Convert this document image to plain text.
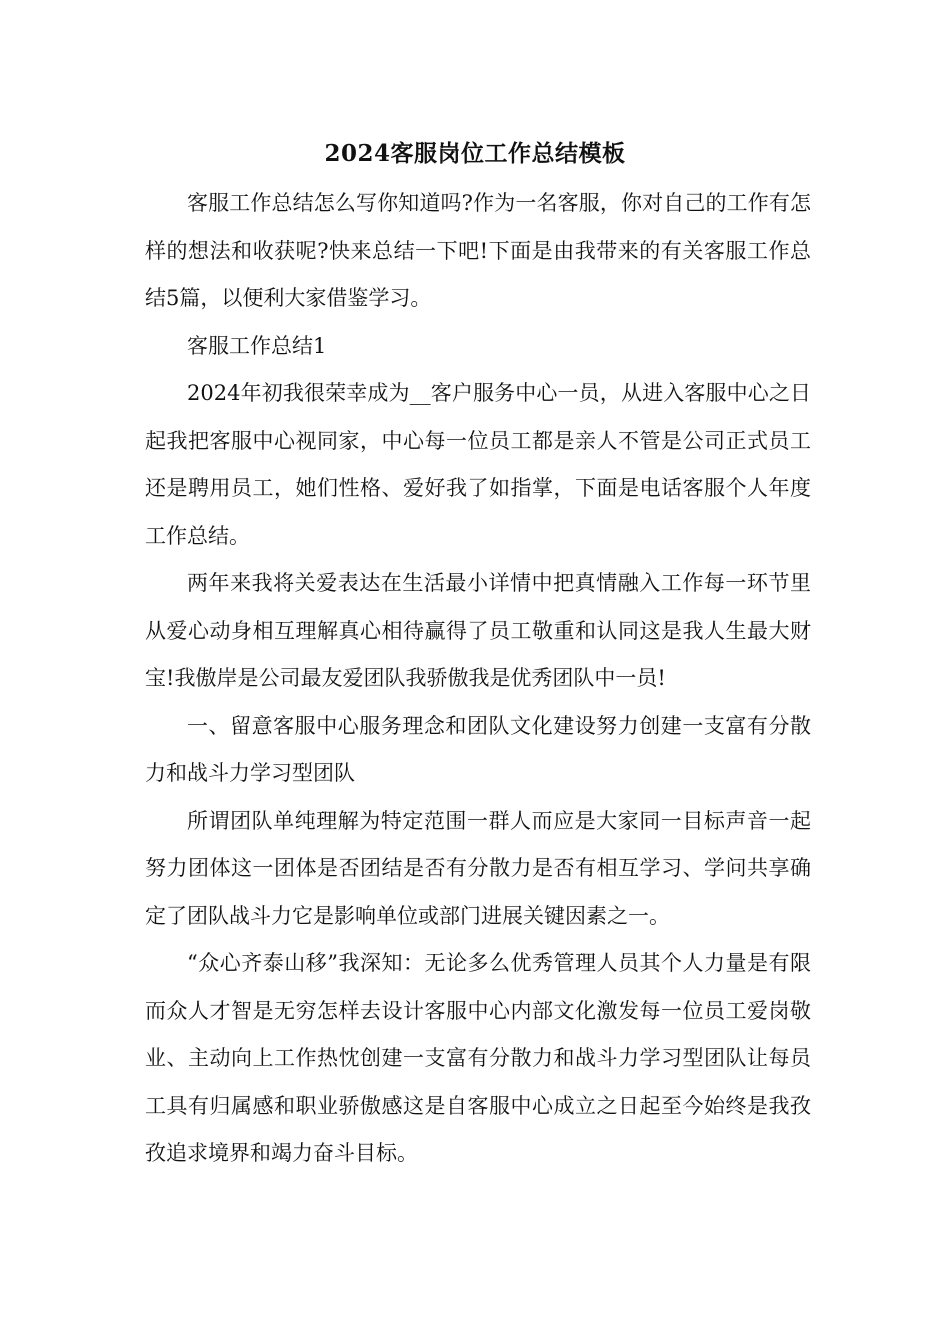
2024客服岗位工作总结模板

客服工作总结怎么写你知道吗?作为一名客服，你对自己的工作有怎样的想法和收获呢?快来总结一下吧!下面是由我带来的有关客服工作总结5篇，以便利大家借鉴学习。

客服工作总结1

2024年初我很荣幸成为__客户服务中心一员，从进入客服中心之日起我把客服中心视同家，中心每一位员工都是亲人不管是公司正式员工还是聘用员工，她们性格、爱好我了如指掌，下面是电话客服个人年度工作总结。

两年来我将关爱表达在生活最小详情中把真情融入工作每一环节里从爱心动身相互理解真心相待赢得了员工敬重和认同这是我人生最大财宝!我傲岸是公司最友爱团队我骄傲我是优秀团队中一员!

一、留意客服中心服务理念和团队文化建设努力创建一支富有分散力和战斗力学习型团队

所谓团队单纯理解为特定范围一群人而应是大家同一目标声音一起努力团体这一团体是否团结是否有分散力是否有相互学习、学问共享确定了团队战斗力它是影响单位或部门进展关键因素之一。

“众心齐泰山移”我深知：无论多么优秀管理人员其个人力量是有限而众人才智是无穷怎样去设计客服中心内部文化激发每一位员工爱岗敬业、主动向上工作热忱创建一支富有分散力和战斗力学习型团队让每员工具有归属感和职业骄傲感这是自客服中心成立之日起至今始终是我孜孜追求境界和竭力奋斗目标。
